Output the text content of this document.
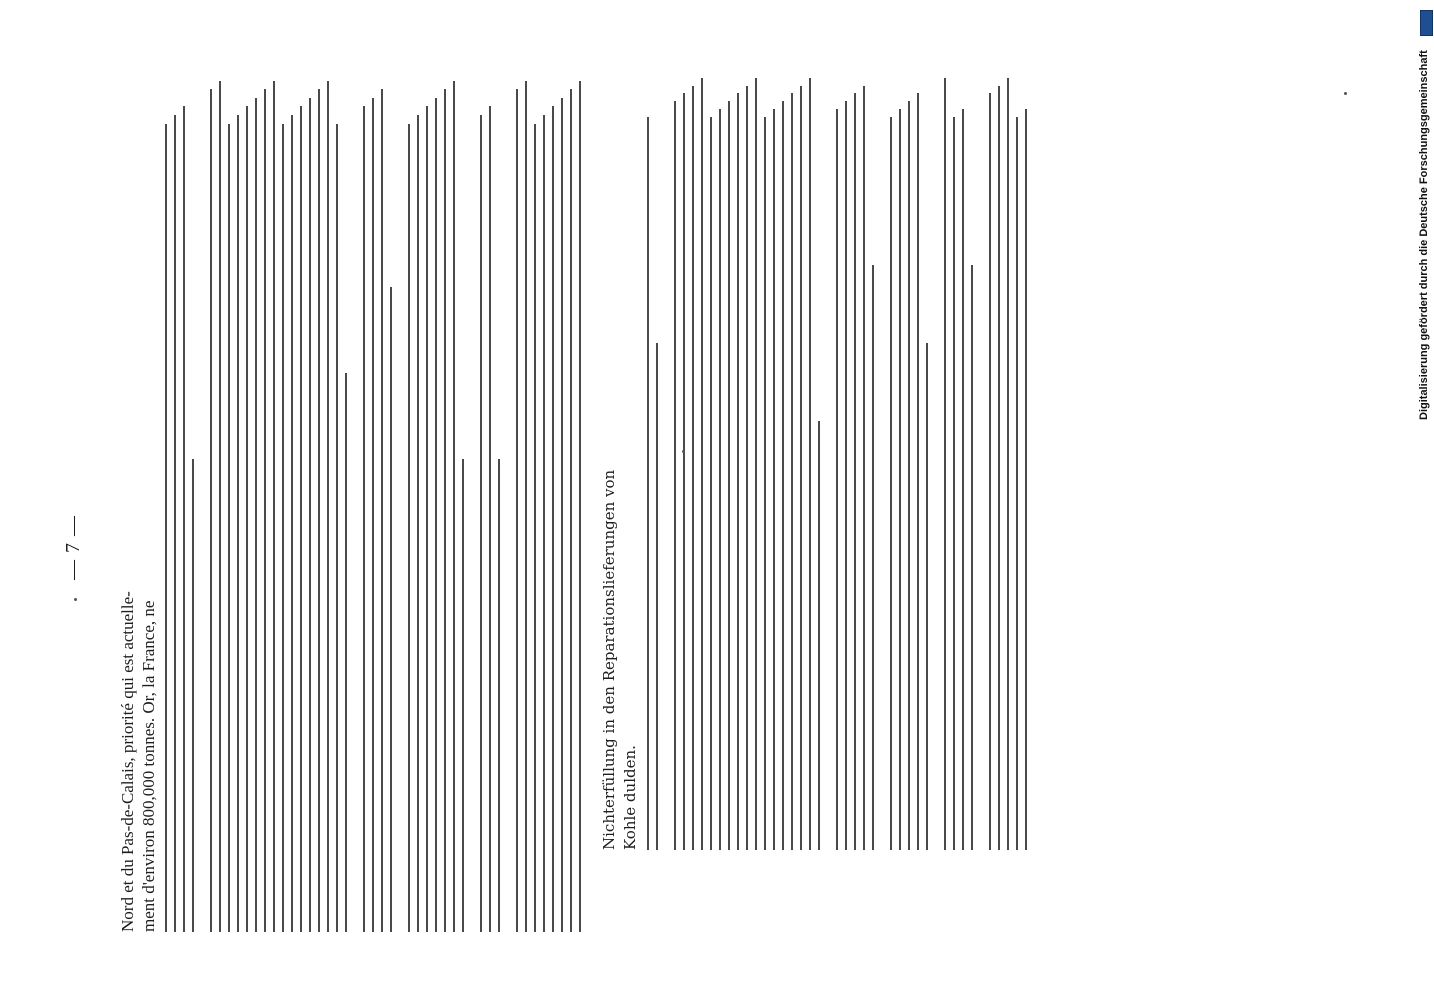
— 7 —
Nord et du Pas-de-Calais, priorité qui est actuelle- ment d'environ 800,000 tonnes. Or, la France, ne	Nichterfüllung in den Reparationslieferungen von Kohle dulden.
Digitalisierung gefördert durch die Deutsche Forschungsgemeinschaft
